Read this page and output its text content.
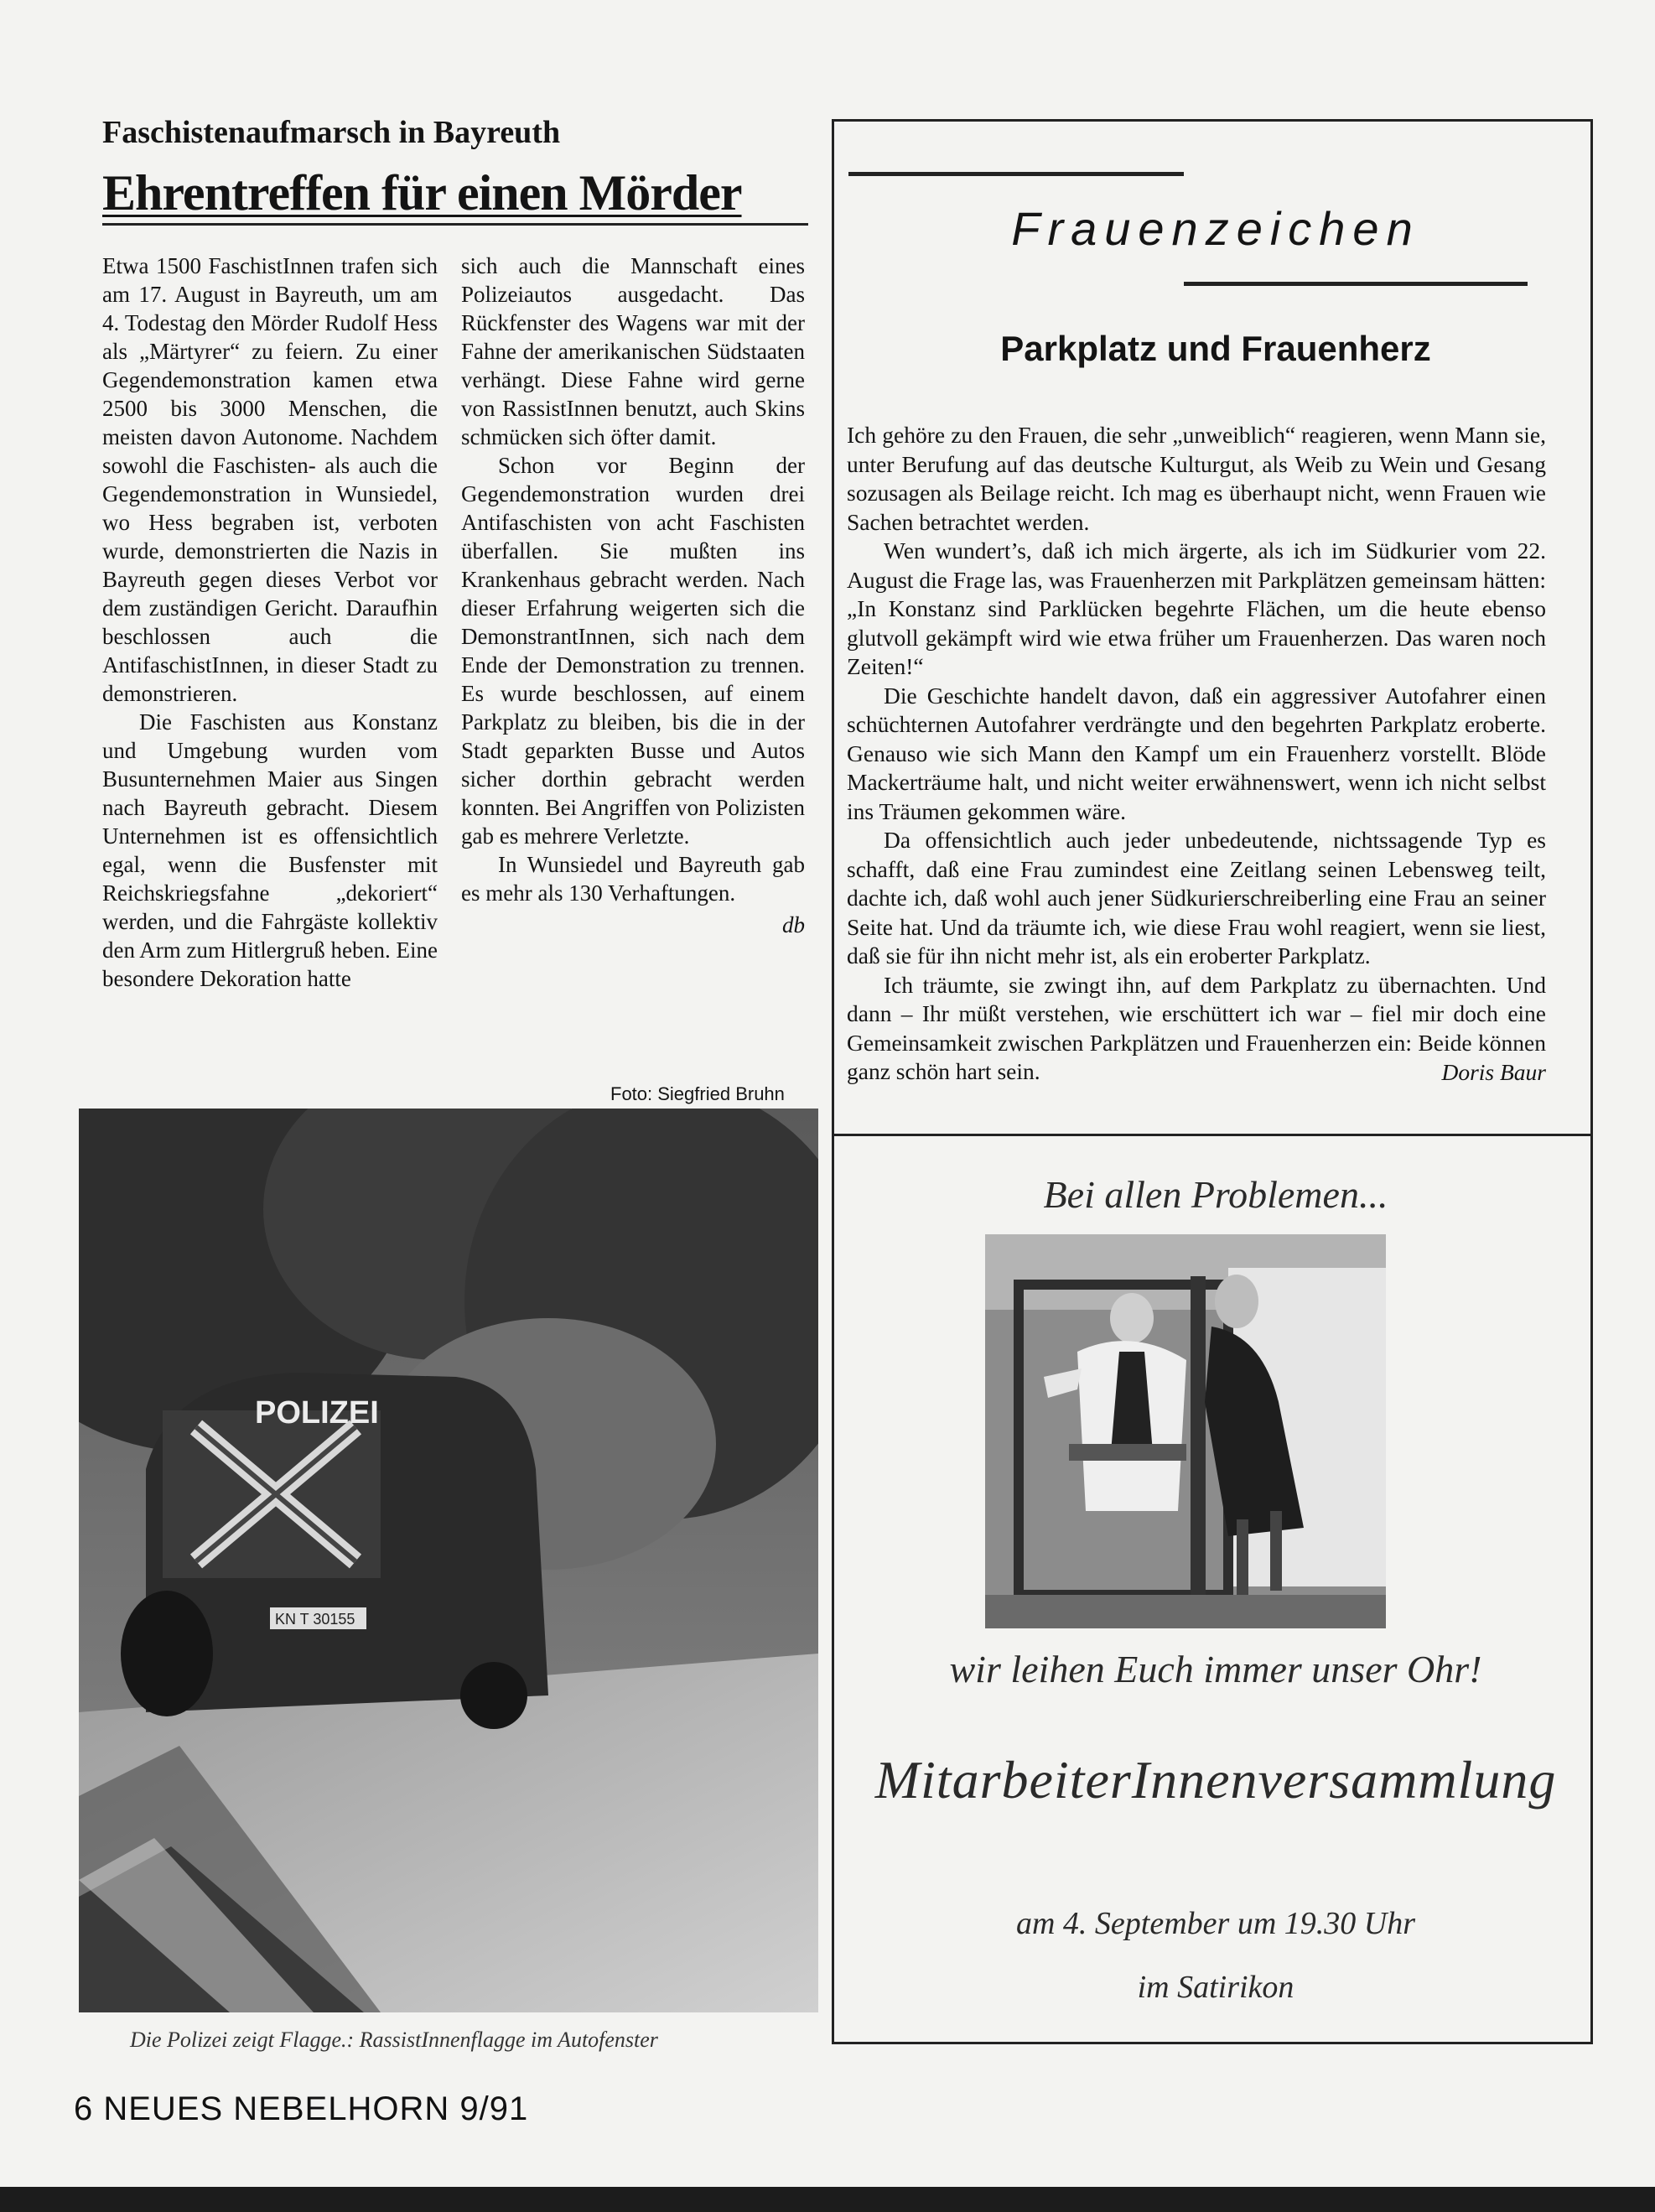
Faschistenaufmarsch in Bayreuth
Ehrentreffen für einen Mörder

Etwa 1500 FaschistInnen trafen sich am 17. August in Bayreuth, um am 4. Todestag den Mörder Rudolf Hess als „Märtyrer“ zu feiern. Zu einer Gegendemonstration kamen etwa 2500 bis 3000 Menschen, die meisten davon Autonome. Nachdem sowohl die Faschisten- als auch die Gegendemonstration in Wunsiedel, wo Hess begraben ist, verboten wurde, demonstrierten die Nazis in Bayreuth gegen dieses Verbot vor dem zuständigen Gericht. Daraufhin beschlossen auch die AntifaschistInnen, in dieser Stadt zu demonstrieren.

Die Faschisten aus Konstanz und Umgebung wurden vom Busunternehmen Maier aus Singen nach Bayreuth gebracht. Diesem Unternehmen ist es offensichtlich egal, wenn die Busfenster mit Reichskriegsfahne „dekoriert“ werden, und die Fahrgäste kollektiv den Arm zum Hitlergruß heben. Eine besondere Dekoration hatte

sich auch die Mannschaft eines Polizeiautos ausgedacht. Das Rückfenster des Wagens war mit der Fahne der amerikanischen Südstaaten verhängt. Diese Fahne wird gerne von RassistInnen benutzt, auch Skins schmücken sich öfter damit.

Schon vor Beginn der Gegendemonstration wurden drei Antifaschisten von acht Faschisten überfallen. Sie mußten ins Krankenhaus gebracht werden. Nach dieser Erfahrung weigerten sich die DemonstrantInnen, sich nach dem Ende der Demonstration zu trennen. Es wurde beschlossen, auf einem Parkplatz zu bleiben, bis die in der Stadt geparkten Busse und Autos sicher dorthin gebracht werden konnten. Bei Angriffen von Polizisten gab es mehrere Verletzte.

In Wunsiedel und Bayreuth gab es mehr als 130 Verhaftungen.

db
Foto: Siegfried Bruhn
POLIZEI
KN T 30155
Die Polizei zeigt Flagge.: RassistInnenflagge im Autofenster
6 NEUES NEBELHORN 9/91
Frauenzeichen
Parkplatz und Frauenherz

Ich gehöre zu den Frauen, die sehr „unweiblich“ reagieren, wenn Mann sie, unter Berufung auf das deutsche Kulturgut, als Weib zu Wein und Gesang sozusagen als Beilage reicht. Ich mag es überhaupt nicht, wenn Frauen wie Sachen betrachtet werden.

Wen wundert’s, daß ich mich ärgerte, als ich im Südkurier vom 22. August die Frage las, was Frauenherzen mit Parkplätzen gemeinsam hätten: „In Konstanz sind Parklücken begehrte Flächen, um die heute ebenso glutvoll gekämpft wird wie etwa früher um Frauenherzen. Das waren noch Zeiten!“

Die Geschichte handelt davon, daß ein aggressiver Autofahrer einen schüchternen Autofahrer verdrängte und den begehrten Parkplatz eroberte. Genauso wie sich Mann den Kampf um ein Frauenherz vorstellt. Blöde Mackerträume halt, und nicht weiter erwähnenswert, wenn ich nicht selbst ins Träumen gekommen wäre.

Da offensichtlich auch jeder unbedeutende, nichtssagende Typ es schafft, daß eine Frau zumindest eine Zeitlang seinen Lebensweg teilt, dachte ich, daß wohl auch jener Südkurierschreiberling eine Frau an seiner Seite hat. Und da träumte ich, wie diese Frau wohl reagiert, wenn sie liest, daß sie für ihn nicht mehr ist, als ein eroberter Parkplatz.

Ich träumte, sie zwingt ihn, auf dem Parkplatz zu übernachten. Und dann – Ihr müßt verstehen, wie erschüttert ich war – fiel mir doch eine Gemeinsamkeit zwischen Parkplätzen und Frauenherzen ein: Beide können ganz schön hart sein.	Doris Baur
Bei allen Problemen...
wir leihen Euch immer unser Ohr!
MitarbeiterInnenversammlung
am 4. September um 19.30 Uhr
im Satirikon
